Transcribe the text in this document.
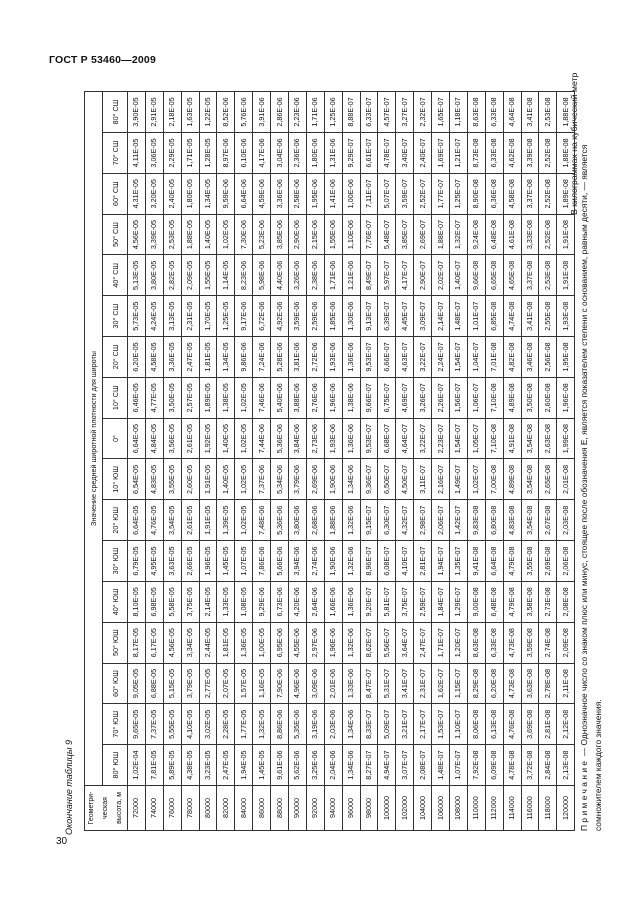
ГОСТ Р 53460—2009
Окончание таблицы 9
В килограммах на кубический метр
Геометри-ческая высота, м	Значение средней широтной плотности для широты																
	80° ЮШ	70° ЮШ	60° ЮШ	50° ЮШ	40° ЮШ	30° ЮШ	20° ЮШ	10° ЮШ	0°	10° СШ	20° СШ	30° СШ	40° СШ	50° СШ	60° СШ	70° СШ	80° СШ
72000	1,02E-04	9,65E-05	9,05E-05	8,17E-05	8,10E-05	6,79E-05	6,64E-05	6,54E-05	6,64E-05	6,46E-05	6,20E-05	5,73E-05	5,13E-05	4,56E-05	4,31E-05	4,11E-05	3,90E-05
74000	7,81E-05	7,37E-05	6,88E-05	6,17E-05	6,98E-05	4,95E-05	4,76E-05	4,83E-05	4,84E-05	4,77E-05	4,58E-05	4,24E-05	3,80E-05	3,39E-05	3,20E-05	3,06E-05	2,91E-05
76000	5,89E-05	5,55E-05	5,15E-05	4,56E-05	5,58E-05	3,63E-05	3,54E-05	3,55E-05	3,56E-05	3,50E-05	3,36E-05	3,13E-05	2,82E-05	2,53E-05	2,40E-05	2,29E-05	2,18E-05
78000	4,38E-05	4,10E-05	3,79E-05	3,34E-05	3,75E-05	2,66E-05	2,61E-05	2,60E-05	2,61E-05	2,57E-05	2,47E-05	2,31E-05	2,09E-05	1,88E-05	1,80E-05	1,71E-05	1,63E-05
80000	3,23E-05	3,02E-05	2,77E-05	2,44E-05	2,14E-05	1,96E-05	1,91E-05	1,91E-05	1,92E-05	1,89E-05	1,81E-05	1,70E-05	1,55E-05	1,40E-05	1,34E-05	1,28E-05	1,22E-05
82000	2,47E-05	2,28E-05	2,07E-05	1,81E-05	1,33E-05	1,45E-05	1,39E-05	1,40E-05	1,40E-05	1,38E-05	1,34E-05	1,25E-05	1,14E-05	1,02E-05	9,59E-06	8,97E-06	8,52E-06
84000	1,94E-05	1,77E-05	1,57E-05	1,36E-05	1,08E-05	1,07E-05	1,02E-05	1,02E-05	1,02E-05	1,02E-05	9,86E-06	9,17E-06	8,23E-06	7,30E-06	6,64E-06	6,10E-06	5,76E-06
86000	1,45E-05	1,32E-05	1,16E-05	1,00E-05	9,29E-06	7,86E-06	7,48E-06	7,37E-06	7,44E-06	7,46E-06	7,24E-06	6,72E-06	5,98E-06	5,23E-06	4,59E-06	4,17E-06	3,91E-06
88000	9,61E-06	8,86E-06	7,90E-06	6,95E-06	6,73E-06	5,66E-06	5,36E-06	5,34E-06	5,36E-06	5,40E-06	5,28E-06	4,92E-06	4,40E-06	3,85E-06	3,36E-06	3,04E-06	2,86E-06
90000	5,62E-06	5,35E-06	4,96E-06	4,55E-06	4,20E-06	3,94E-06	3,80E-06	3,79E-06	3,84E-06	3,88E-06	3,81E-06	3,59E-06	3,26E-06	2,90E-06	2,58E-06	2,36E-06	2,23E-06
92000	3,25E-06	3,19E-06	3,09E-06	2,97E-06	2,64E-06	2,74E-06	2,68E-06	2,69E-06	2,73E-06	2,76E-06	2,72E-06	2,59E-06	2,38E-06	2,15E-06	1,95E-06	1,80E-06	1,71E-06
94000	2,04E-06	2,03E-06	2,01E-06	1,96E-06	1,66E-06	1,90E-06	1,88E-06	1,90E-06	1,93E-06	1,96E-06	1,93E-06	1,85E-06	1,71E-06	1,55E-06	1,41E-06	1,31E-06	1,25E-06
96000	1,34E-06	1,34E-06	1,33E-06	1,32E-06	1,36E-06	1,32E-06	1,32E-06	1,34E-06	1,36E-06	1,38E-06	1,36E-06	1,30E-06	1,21E-06	1,10E-06	1,00E-06	9,29E-07	8,88E-07
98000	8,27E-07	8,33E-07	8,47E-07	8,62E-07	9,20E-07	8,96E-07	9,15E-07	9,36E-07	9,53E-07	9,66E-07	9,53E-07	9,13E-07	8,49E-07	7,76E-07	7,11E-07	6,61E-07	6,33E-07
100000	4,94E-07	5,09E-07	5,31E-07	5,56E-07	5,81E-07	6,08E-07	6,30E-07	6,50E-07	6,68E-07	6,75E-07	6,66E-07	6,39E-07	5,97E-07	5,48E-07	5,07E-07	4,78E-07	4,57E-07
102000	3,07E-07	3,21E-07	3,41E-07	3,64E-07	3,75E-07	4,10E-07	4,32E-07	4,50E-07	4,64E-07	4,69E-07	4,63E-07	4,45E-07	4,17E-07	3,85E-07	3,59E-07	3,40E-07	3,27E-07
104000	2,08E-07	2,17E-07	2,31E-07	2,47E-07	2,59E-07	2,81E-07	2,98E-07	3,11E-07	3,22E-07	3,26E-07	3,22E-07	3,09E-07	2,90E-07	2,69E-07	2,52E-07	2,40E-07	2,32E-07
106000	1,48E-07	1,53E-07	1,62E-07	1,71E-07	1,84E-07	1,94E-07	2,06E-07	2,16E-07	2,23E-07	2,26E-07	2,24E-07	2,14E-07	2,02E-07	1,88E-07	1,77E-07	1,69E-07	1,65E-07
108000	1,07E-07	1,10E-07	1,15E-07	1,20E-07	1,29E-07	1,35E-07	1,42E-07	1,49E-07	1,54E-07	1,56E-07	1,54E-07	1,48E-07	1,40E-07	1,32E-07	1,25E-07	1,21E-07	1,18E-07
110000	7,92E-08	8,06E-08	8,29E-08	8,63E-08	9,00E-08	9,41E-08	9,83E-08	1,02E-07	1,05E-07	1,06E-07	1,04E-07	1,01E-07	9,66E-08	9,24E-08	8,90E-08	8,73E-08	8,63E-08
112000	6,09E-08	6,13E-08	6,20E-08	6,33E-08	6,48E-08	6,64E-08	6,80E-08	7,00E-08	7,10E-08	7,10E-08	7,01E-08	6,85E-08	6,65E-08	6,48E-08	6,36E-08	6,33E-08	6,33E-08
114000	4,78E-08	4,76E-08	4,73E-08	4,73E-08	4,79E-08	4,79E-08	4,83E-08	4,89E-08	4,91E-08	4,89E-08	4,82E-08	4,74E-08	4,65E-08	4,61E-08	4,58E-08	4,62E-08	4,64E-08
116000	3,72E-08	3,69E-08	3,63E-08	3,59E-08	3,58E-08	3,55E-08	3,54E-08	3,54E-08	3,54E-08	3,50E-08	3,46E-08	3,41E-08	3,37E-08	3,33E-08	3,37E-08	3,39E-08	3,41E-08
118000	2,84E-08	2,81E-08	2,78E-08	2,74E-08	2,73E-08	2,69E-08	2,67E-08	2,65E-08	2,63E-08	2,60E-08	2,56E-08	2,55E-08	2,53E-08	2,52E-08	2,52E-08	2,52E-08	2,53E-08
120000	2,13E-08	2,12E-08	2,11E-08	2,09E-08	2,08E-08	2,06E-08	2,03E-08	2,01E-08	1,99E-08	1,96E-08	1,95E-08	1,93E-08	1,91E-08	1,91E-08	1,89E-08	1,88E-08	1,88E-08

Примечание — Одноэначное число со знаком плюс или минус, стоящее после обозначения Е, является показателем степени с основанием, равным десяти, — является сомножителем каждого значения.

30
